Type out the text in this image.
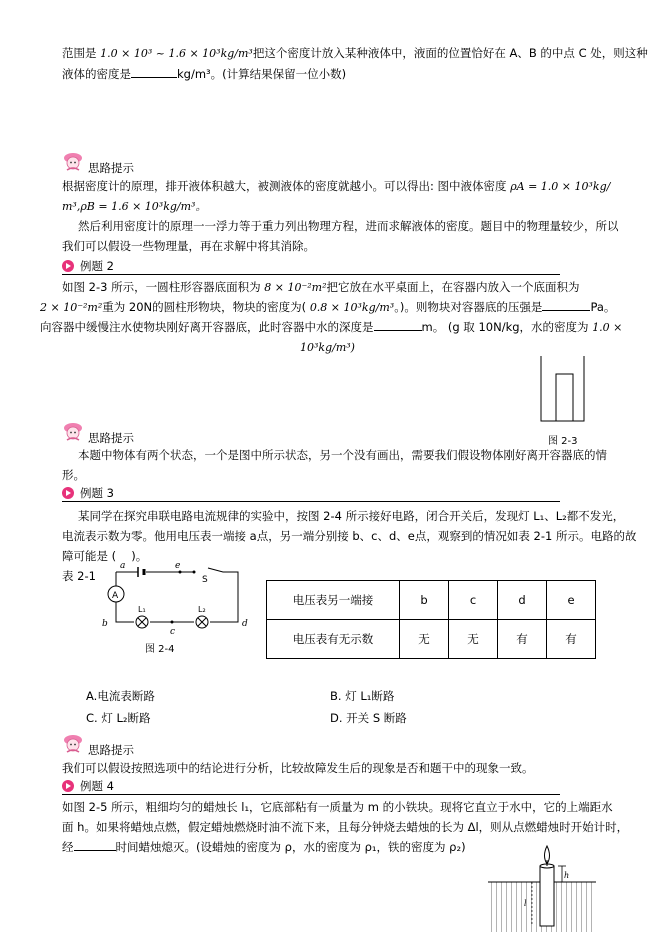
范围是 1.0 × 10³ ~ 1.6 × 10³kg/m³把这个密度计放入某种液体中，液面的位置恰好在 A、B 的中点 C 处，则这种
液体的密度是	kg/m³。(计算结果保留一位小数)
思路提示
根据密度计的原理，排开液体积越大，被测液体的密度就越小。可以得出: 图中液体密度 ρA = 1.0 × 10³kg/
m³,ρB = 1.6 × 10³kg/m³。
然后利用密度计的原理一一浮力等于重力列出物理方程，进而求解液体的密度。题目中的物理量较少，所以
我们可以假设一些物理量，再在求解中将其消除。
例题 2
如图 2-3 所示，一圆柱形容器底面积为 8 × 10⁻²m²把它放在水平桌面上，在容器内放入一个底面积为
2 × 10⁻²m²重为 20N的圆柱形物块，物块的密度为( 0.8 × 10³kg/m³。)。则物块对容器底的压强是	Pa。
向容器中缓慢注水使物块刚好离开容器底，此时容器中水的深度是	m。 (g 取 10N/kg，水的密度为 1.0 ×
10³kg/m³)
图 2-3
思路提示
本题中物体有两个状态，一个是图中所示状态，另一个没有画出，需要我们假设物体刚好离开容器底的情
形。
例题 3
某同学在探究串联电路电流规律的实验中，按图 2-4 所示接好电路，闭合开关后，发现灯 L₁、L₂都不发光，
电流表示数为零。他用电压表一端接 a点，另一端分别接 b、c、d、e点，观察到的情况如表 2-1 所示。电路的故
障可能是 (　 )。
表 2-1
A
e
S
L₁	L₂
b
c
d
a
图 2-4
电压表另一端接	b	c	d	e
电压表有无示数	无	无	有	有
A.电流表断路	B. 灯 L₁断路
C. 灯 L₂断路	D. 开关 S 断路
思路提示
我们可以假设按照选项中的结论进行分析，比较故障发生后的现象是否和题干中的现象一致。
例题 4
如图 2-5 所示，粗细均匀的蜡烛长 l₁，它底部粘有一质量为 m 的小铁块。现将它直立于水中，它的上端距水
面 h。如果将蜡烛点燃，假定蜡烛燃烧时油不流下来，且每分钟烧去蜡烛的长为 Δl，则从点燃蜡烛时开始计时，
经	时间蜡烛熄灭。(设蜡烛的密度为 ρ，水的密度为 ρ₁，铁的密度为 ρ₂)
h
l
